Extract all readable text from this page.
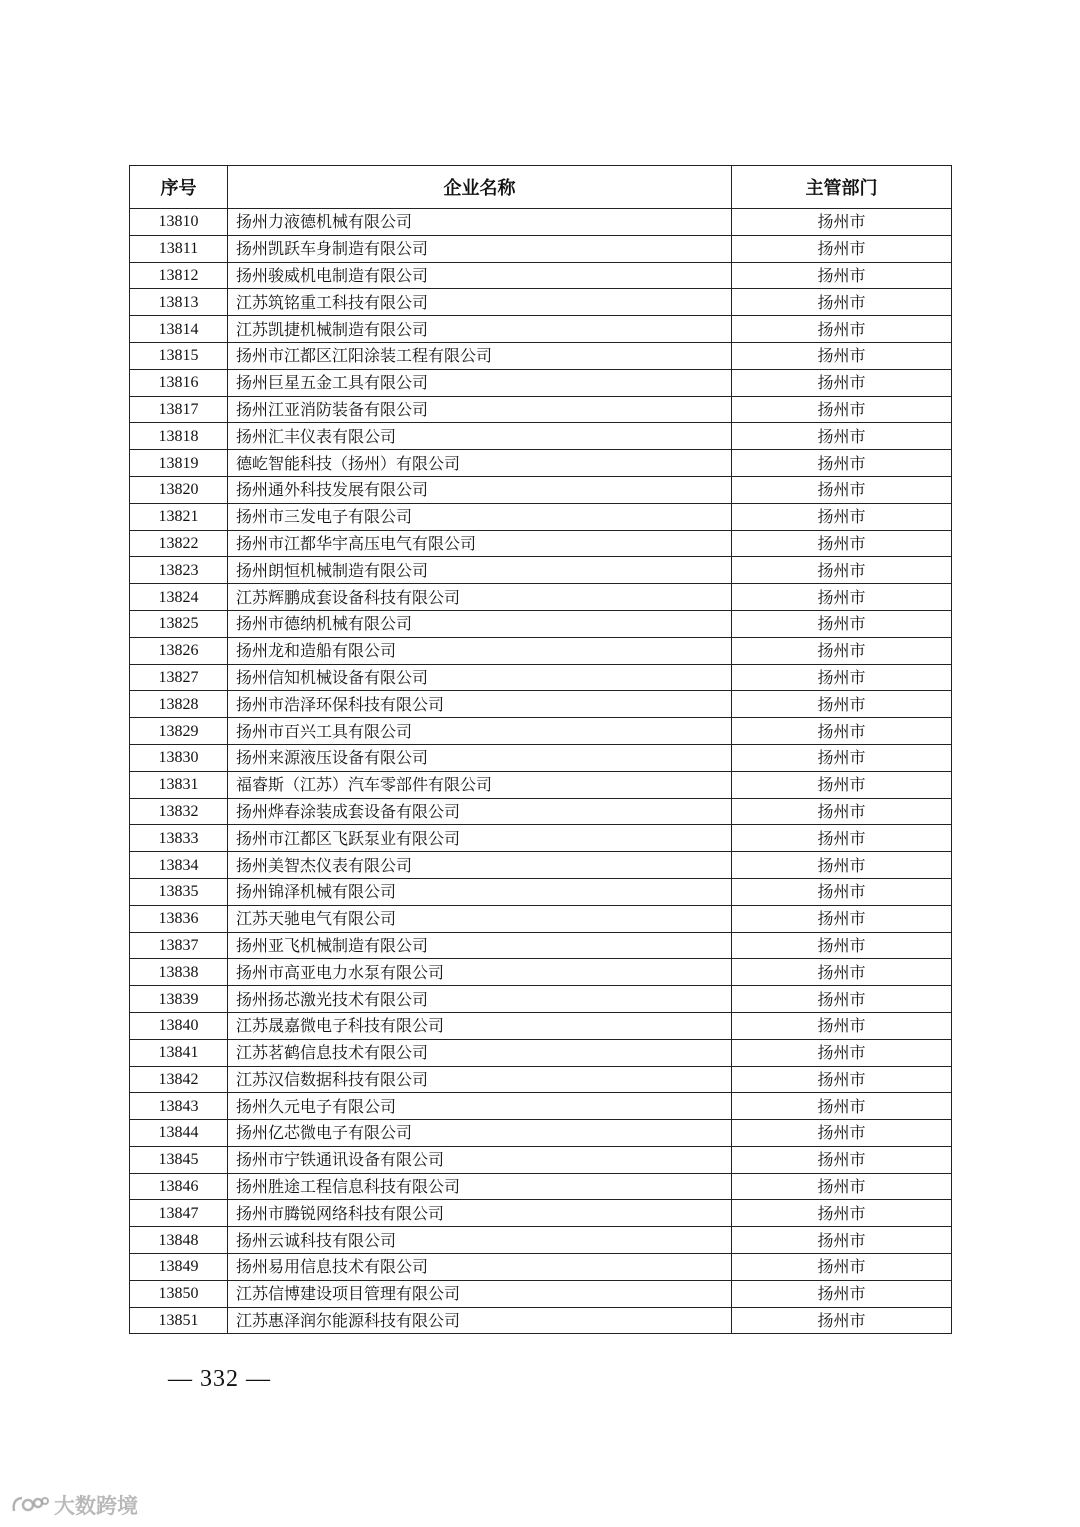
序号	企业名称	主管部门
13810	扬州力液德机械有限公司	扬州市
13811	扬州凯跃车身制造有限公司	扬州市
13812	扬州骏威机电制造有限公司	扬州市
13813	江苏筑铭重工科技有限公司	扬州市
13814	江苏凯捷机械制造有限公司	扬州市
13815	扬州市江都区江阳涂装工程有限公司	扬州市
13816	扬州巨星五金工具有限公司	扬州市
13817	扬州江亚消防装备有限公司	扬州市
13818	扬州汇丰仪表有限公司	扬州市
13819	德屹智能科技（扬州）有限公司	扬州市
13820	扬州通外科技发展有限公司	扬州市
13821	扬州市三发电子有限公司	扬州市
13822	扬州市江都华宇高压电气有限公司	扬州市
13823	扬州朗恒机械制造有限公司	扬州市
13824	江苏辉鹏成套设备科技有限公司	扬州市
13825	扬州市德纳机械有限公司	扬州市
13826	扬州龙和造船有限公司	扬州市
13827	扬州信知机械设备有限公司	扬州市
13828	扬州市浩泽环保科技有限公司	扬州市
13829	扬州市百兴工具有限公司	扬州市
13830	扬州来源液压设备有限公司	扬州市
13831	福睿斯（江苏）汽车零部件有限公司	扬州市
13832	扬州烨春涂装成套设备有限公司	扬州市
13833	扬州市江都区飞跃泵业有限公司	扬州市
13834	扬州美智杰仪表有限公司	扬州市
13835	扬州锦泽机械有限公司	扬州市
13836	江苏天驰电气有限公司	扬州市
13837	扬州亚飞机械制造有限公司	扬州市
13838	扬州市高亚电力水泵有限公司	扬州市
13839	扬州扬芯激光技术有限公司	扬州市
13840	江苏晟嘉微电子科技有限公司	扬州市
13841	江苏茗鹤信息技术有限公司	扬州市
13842	江苏汉信数据科技有限公司	扬州市
13843	扬州久元电子有限公司	扬州市
13844	扬州亿芯微电子有限公司	扬州市
13845	扬州市宁铁通讯设备有限公司	扬州市
13846	扬州胜途工程信息科技有限公司	扬州市
13847	扬州市腾锐网络科技有限公司	扬州市
13848	扬州云诚科技有限公司	扬州市
13849	扬州易用信息技术有限公司	扬州市
13850	江苏信博建设项目管理有限公司	扬州市
13851	江苏惠泽润尔能源科技有限公司	扬州市
— 332 —
大数跨境
